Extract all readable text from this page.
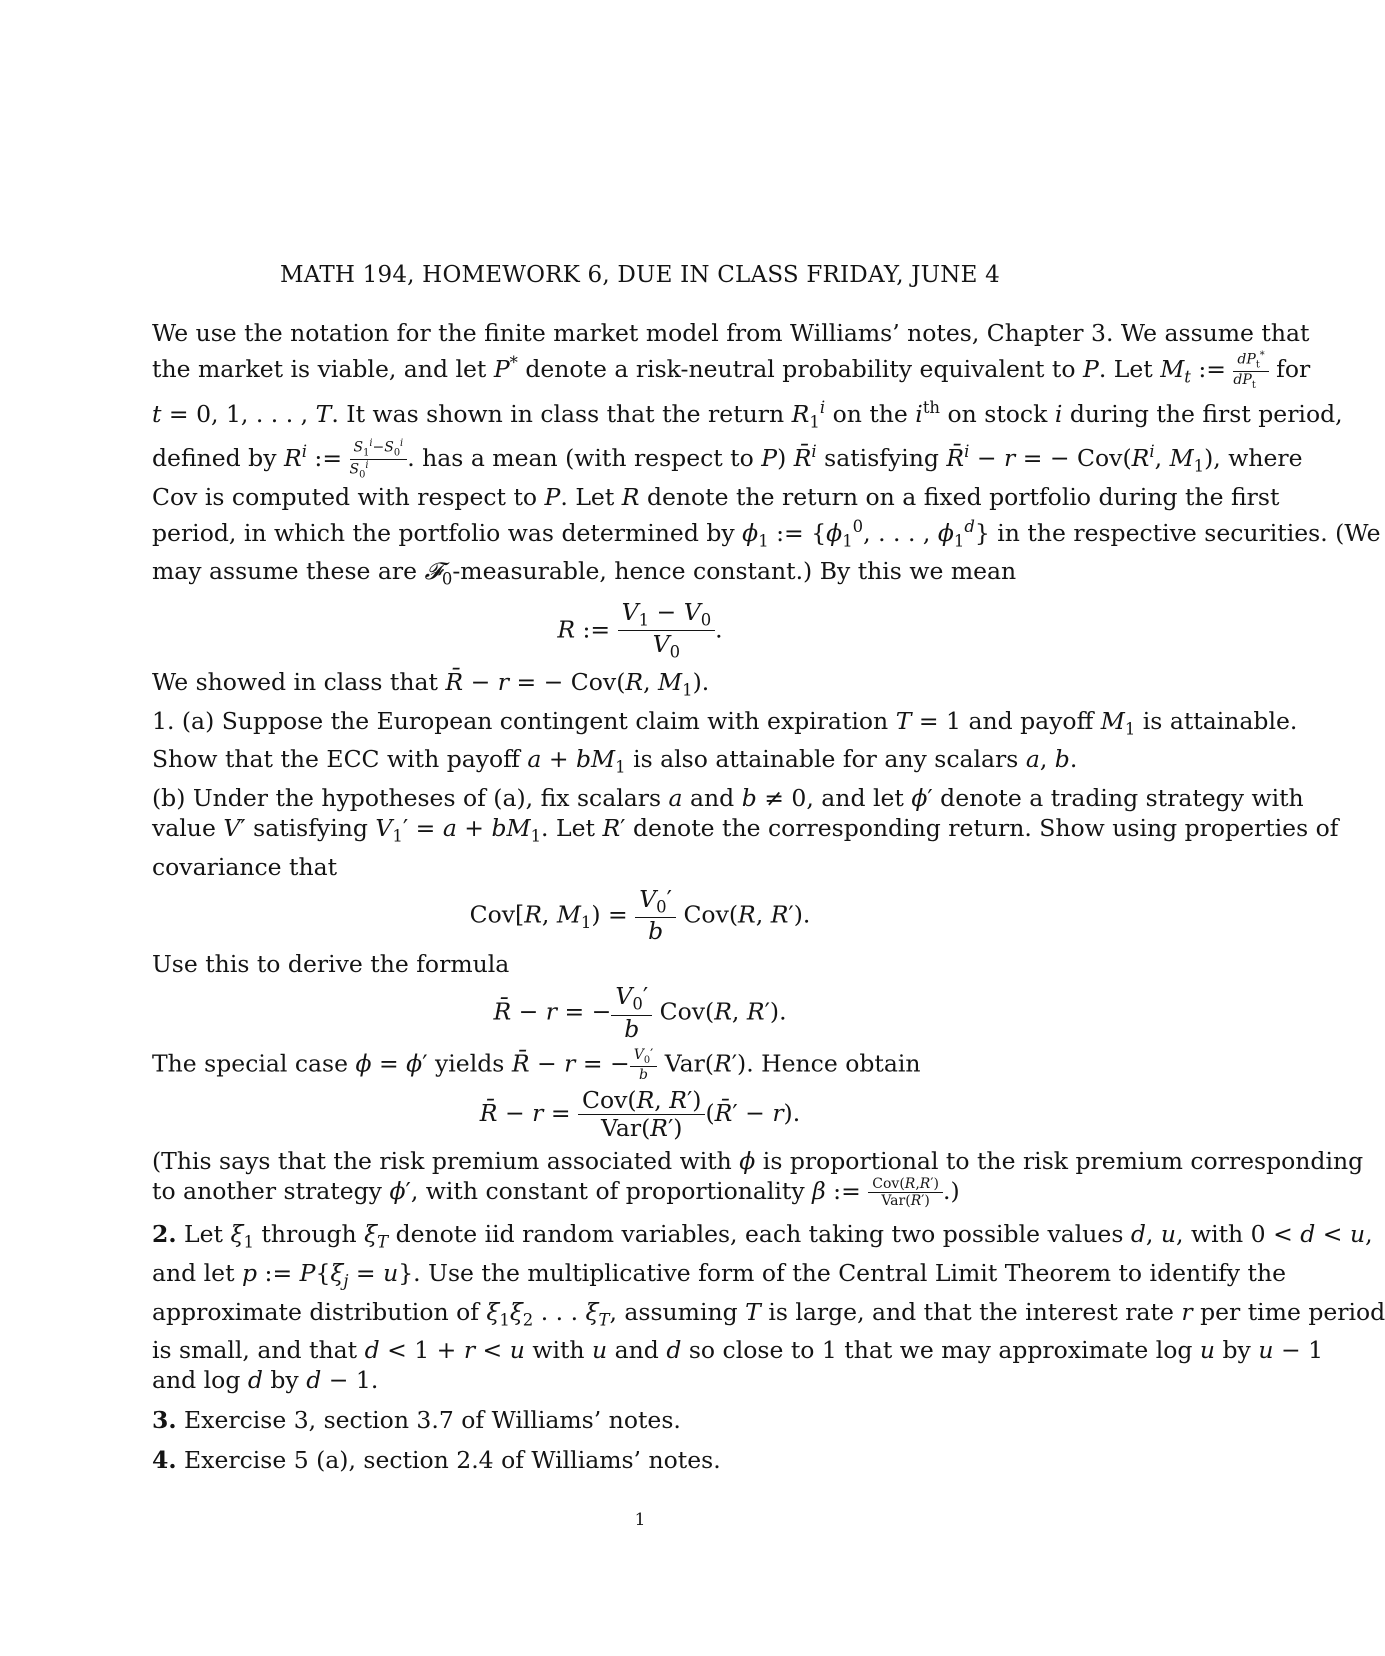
MATH 194, HOMEWORK 6, DUE IN CLASS FRIDAY, JUNE 4
We use the notation for the finite market model from Williams’ notes, Chapter 3. We assume that
the market is viable, and let P* denote a risk-neutral probability equivalent to P. Let $M_t$ := $\frac{dP_t^*}{dP_t}$ for
t = 0, 1, . . . , T. It was shown in class that the return $R_1^i$ on the $i^{th}$ on stock i during the first period,
defined by $R^i$ := $\frac{S_1^i-S_0^i}{S_0^i}$ . has a mean (with respect to P) R̄$^i$ satisfying R̄$^i$ − r = − $Cov(R^i$, $M_1$), where
Cov is computed with respect to P. Let R denote the return on a fixed portfolio during the first
period, in which the portfolio was determined by $\phi_1$ := {$\phi_1^0$, . . . , $\phi_1^d$} in the respective securities. (We
may assume these are 𝓕$_0$-measurable, hence constant.) By this we mean
R := $\frac{V_1 - V_0}{V_0}$ .
We showed in class that R̄ − r = − Cov(R, $M_1$).
1. (a) Suppose the European contingent claim with expiration T = 1 and payoff $M_1$ is attainable.
Show that the ECC with payoff $a + bM_1$ is also attainable for any scalars a, b.
(b) Under the hypotheses of (a), fix scalars a and b ≠ 0, and let ϕ′ denote a trading strategy with
value V′ satisfying $V_1' = a + bM_1$. Let R′ denote the corresponding return. Show using properties of
covariance that
Cov[R, $M_1) = \frac{V_0'}{b} Cov(R$, R′).
Use this to derive the formula
R̄ − r = − $\frac{V_0'}{b} Cov(R$, R′).
The special case ϕ = ϕ′ yields R̄ − r = − $\frac{V_0'}{b} Var(R')$. Hence obtain
R̄ − $r = \frac{\text{Cov(R, R′)}}{\text{Var(R′)}}$ (R̄′ − r).
(This says that the risk premium associated with ϕ is proportional to the risk premium corresponding
to another strategy ϕ′, with constant of proportionality β := $\frac{\text{Cov(R,R′)}}{\text{Var(R′)}}$ .)
2. Let $\xi_1$ through $\xi_T$ denote iid random variables, each taking two possible values d, u, with 0 < d < u,
and let p := $P\{\xi_j = u\}$. Use the multiplicative form of the Central Limit Theorem to identify the
approximate distribution of $\xi_1\xi_2$ . . . $\xi_T$, assuming T is large, and that the interest rate r per time period
is small, and that d < 1 + r < u with u and d so close to 1 that we may approximate log u by u − 1
and log d by d − 1.
3. Exercise 3, section 3.7 of Williams’ notes.
4. Exercise 5 (a), section 2.4 of Williams’ notes.
1
